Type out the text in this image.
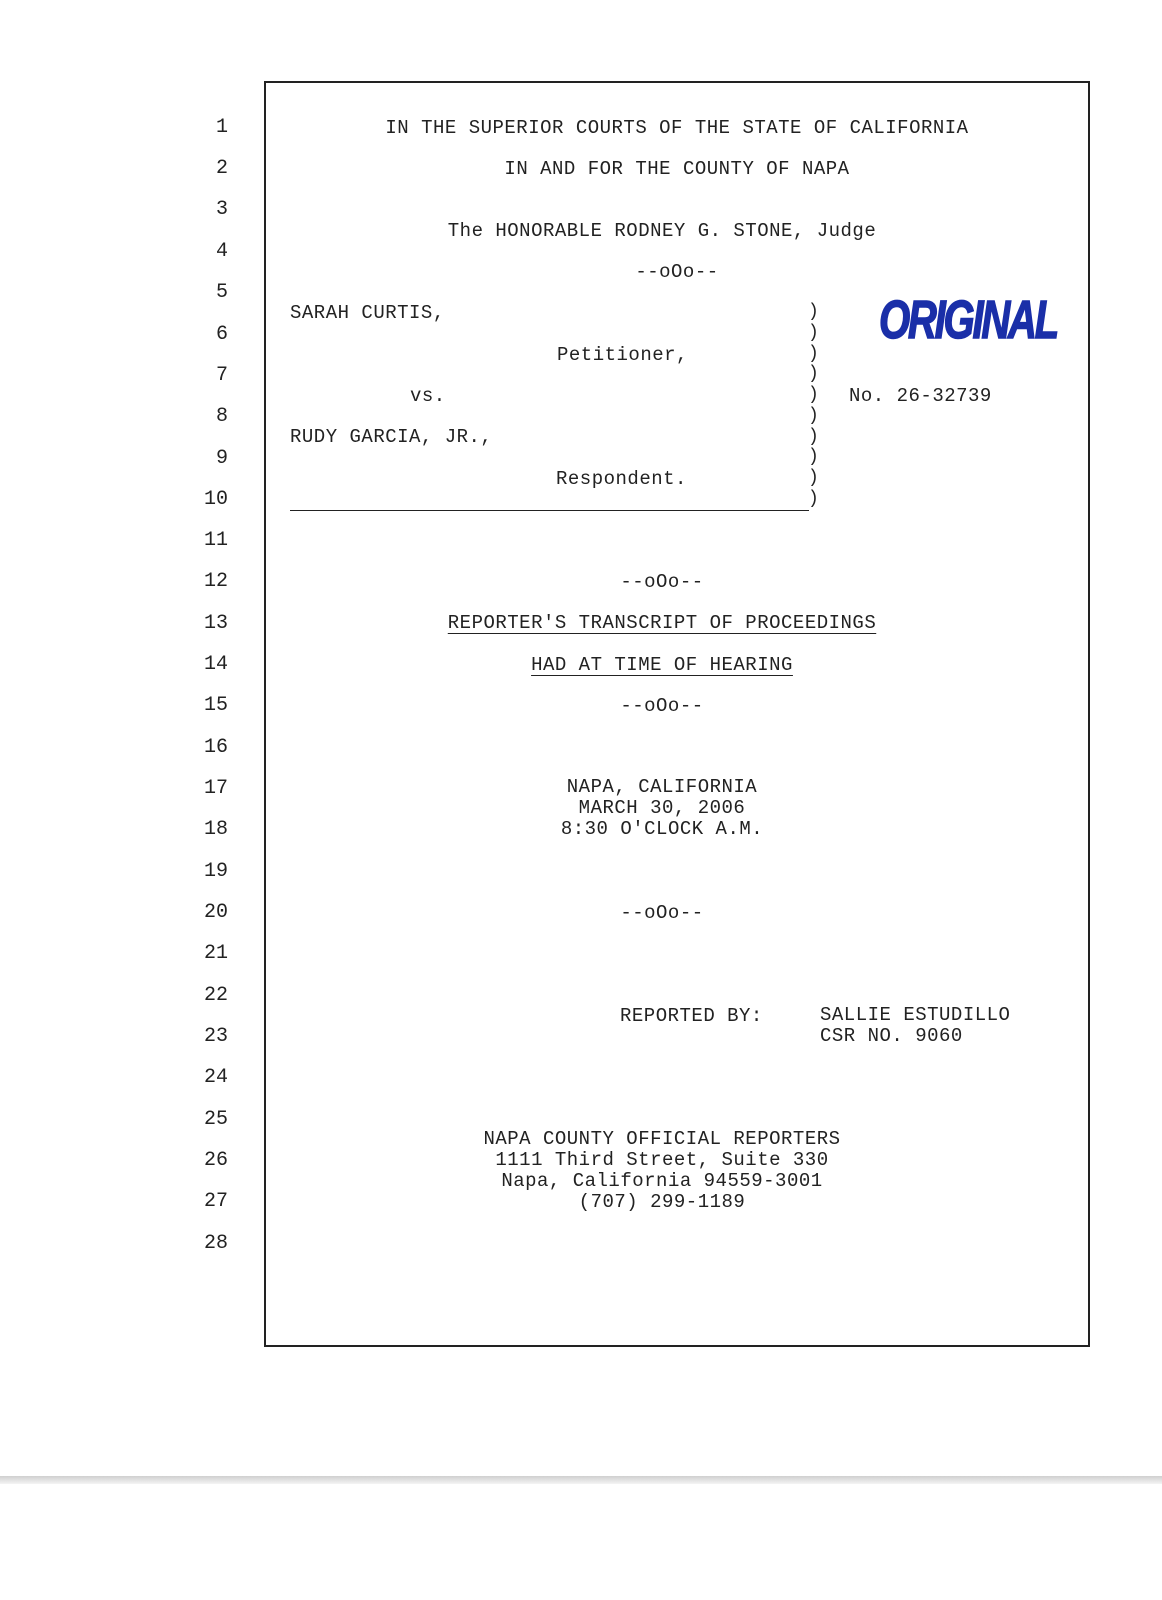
1
2
3
4
5
6
7
8
9
10
11
12
13
14
15
16
17
18
19
20
21
22
23
24
25
26
27
28
IN THE SUPERIOR COURTS OF THE STATE OF CALIFORNIA
IN AND FOR THE COUNTY OF NAPA
The HONORABLE RODNEY G. STONE, Judge
--oOo--
SARAH CURTIS,
Petitioner,
vs.
RUDY GARCIA, JR.,
Respondent.
)
)
)
)
)
)
)
)
)
)
No. 26-32739
ORIGINAL
--oOo--
REPORTER'S TRANSCRIPT OF PROCEEDINGS
HAD AT TIME OF HEARING
--oOo--
NAPA, CALIFORNIA
MARCH 30, 2006
8:30 O'CLOCK A.M.
--oOo--
REPORTED BY:	SALLIE ESTUDILLO
CSR NO. 9060
NAPA COUNTY OFFICIAL REPORTERS
1111 Third Street, Suite 330
Napa, California 94559-3001
(707) 299-1189
